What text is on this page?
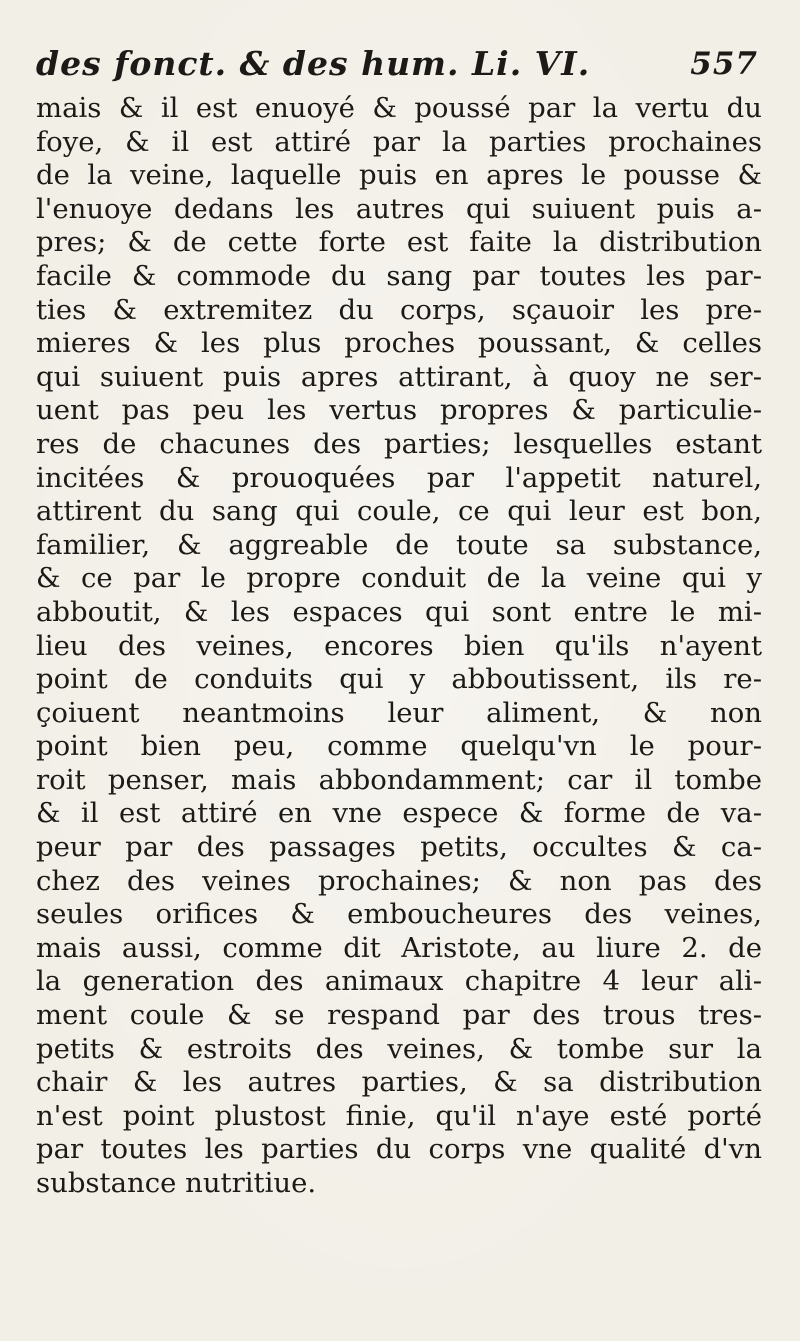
des fonct. & des hum. Li. VI.	557
mais & il est enuoyé & poussé par la vertu du
foye, & il est attiré par la parties prochaines
de la veine, laquelle puis en apres le pousse &
l'enuoye dedans les autres qui suiuent puis a-
pres; & de cette forte est faite la distribution
facile & commode du sang par toutes les par-
ties & extremitez du corps, sçauoir les pre-
mieres & les plus proches poussant, & celles
qui suiuent puis apres attirant, à quoy ne ser-
uent pas peu les vertus propres & particulie-
res de chacunes des parties; lesquelles estant
incitées & prouoquées par l'appetit naturel,
attirent du sang qui coule, ce qui leur est bon,
familier, & aggreable de toute sa substance,
& ce par le propre conduit de la veine qui y
abboutit, & les espaces qui sont entre le mi-
lieu des veines, encores bien qu'ils n'ayent
point de conduits qui y abboutissent, ils re-
çoiuent neantmoins leur aliment, & non
point bien peu, comme quelqu'vn le pour-
roit penser, mais abbondamment; car il tombe
& il est attiré en vne espece & forme de va-
peur par des passages petits, occultes & ca-
chez des veines prochaines; & non pas des
seules orifices & emboucheures des veines,
mais aussi, comme dit Aristote, au liure 2. de
la generation des animaux chapitre 4 leur ali-
ment coule & se respand par des trous tres-
petits & estroits des veines, & tombe sur la
chair & les autres parties, & sa distribution
n'est point plustost finie, qu'il n'aye esté porté
par toutes les parties du corps vne qualité d'vn
substance nutritiue.
